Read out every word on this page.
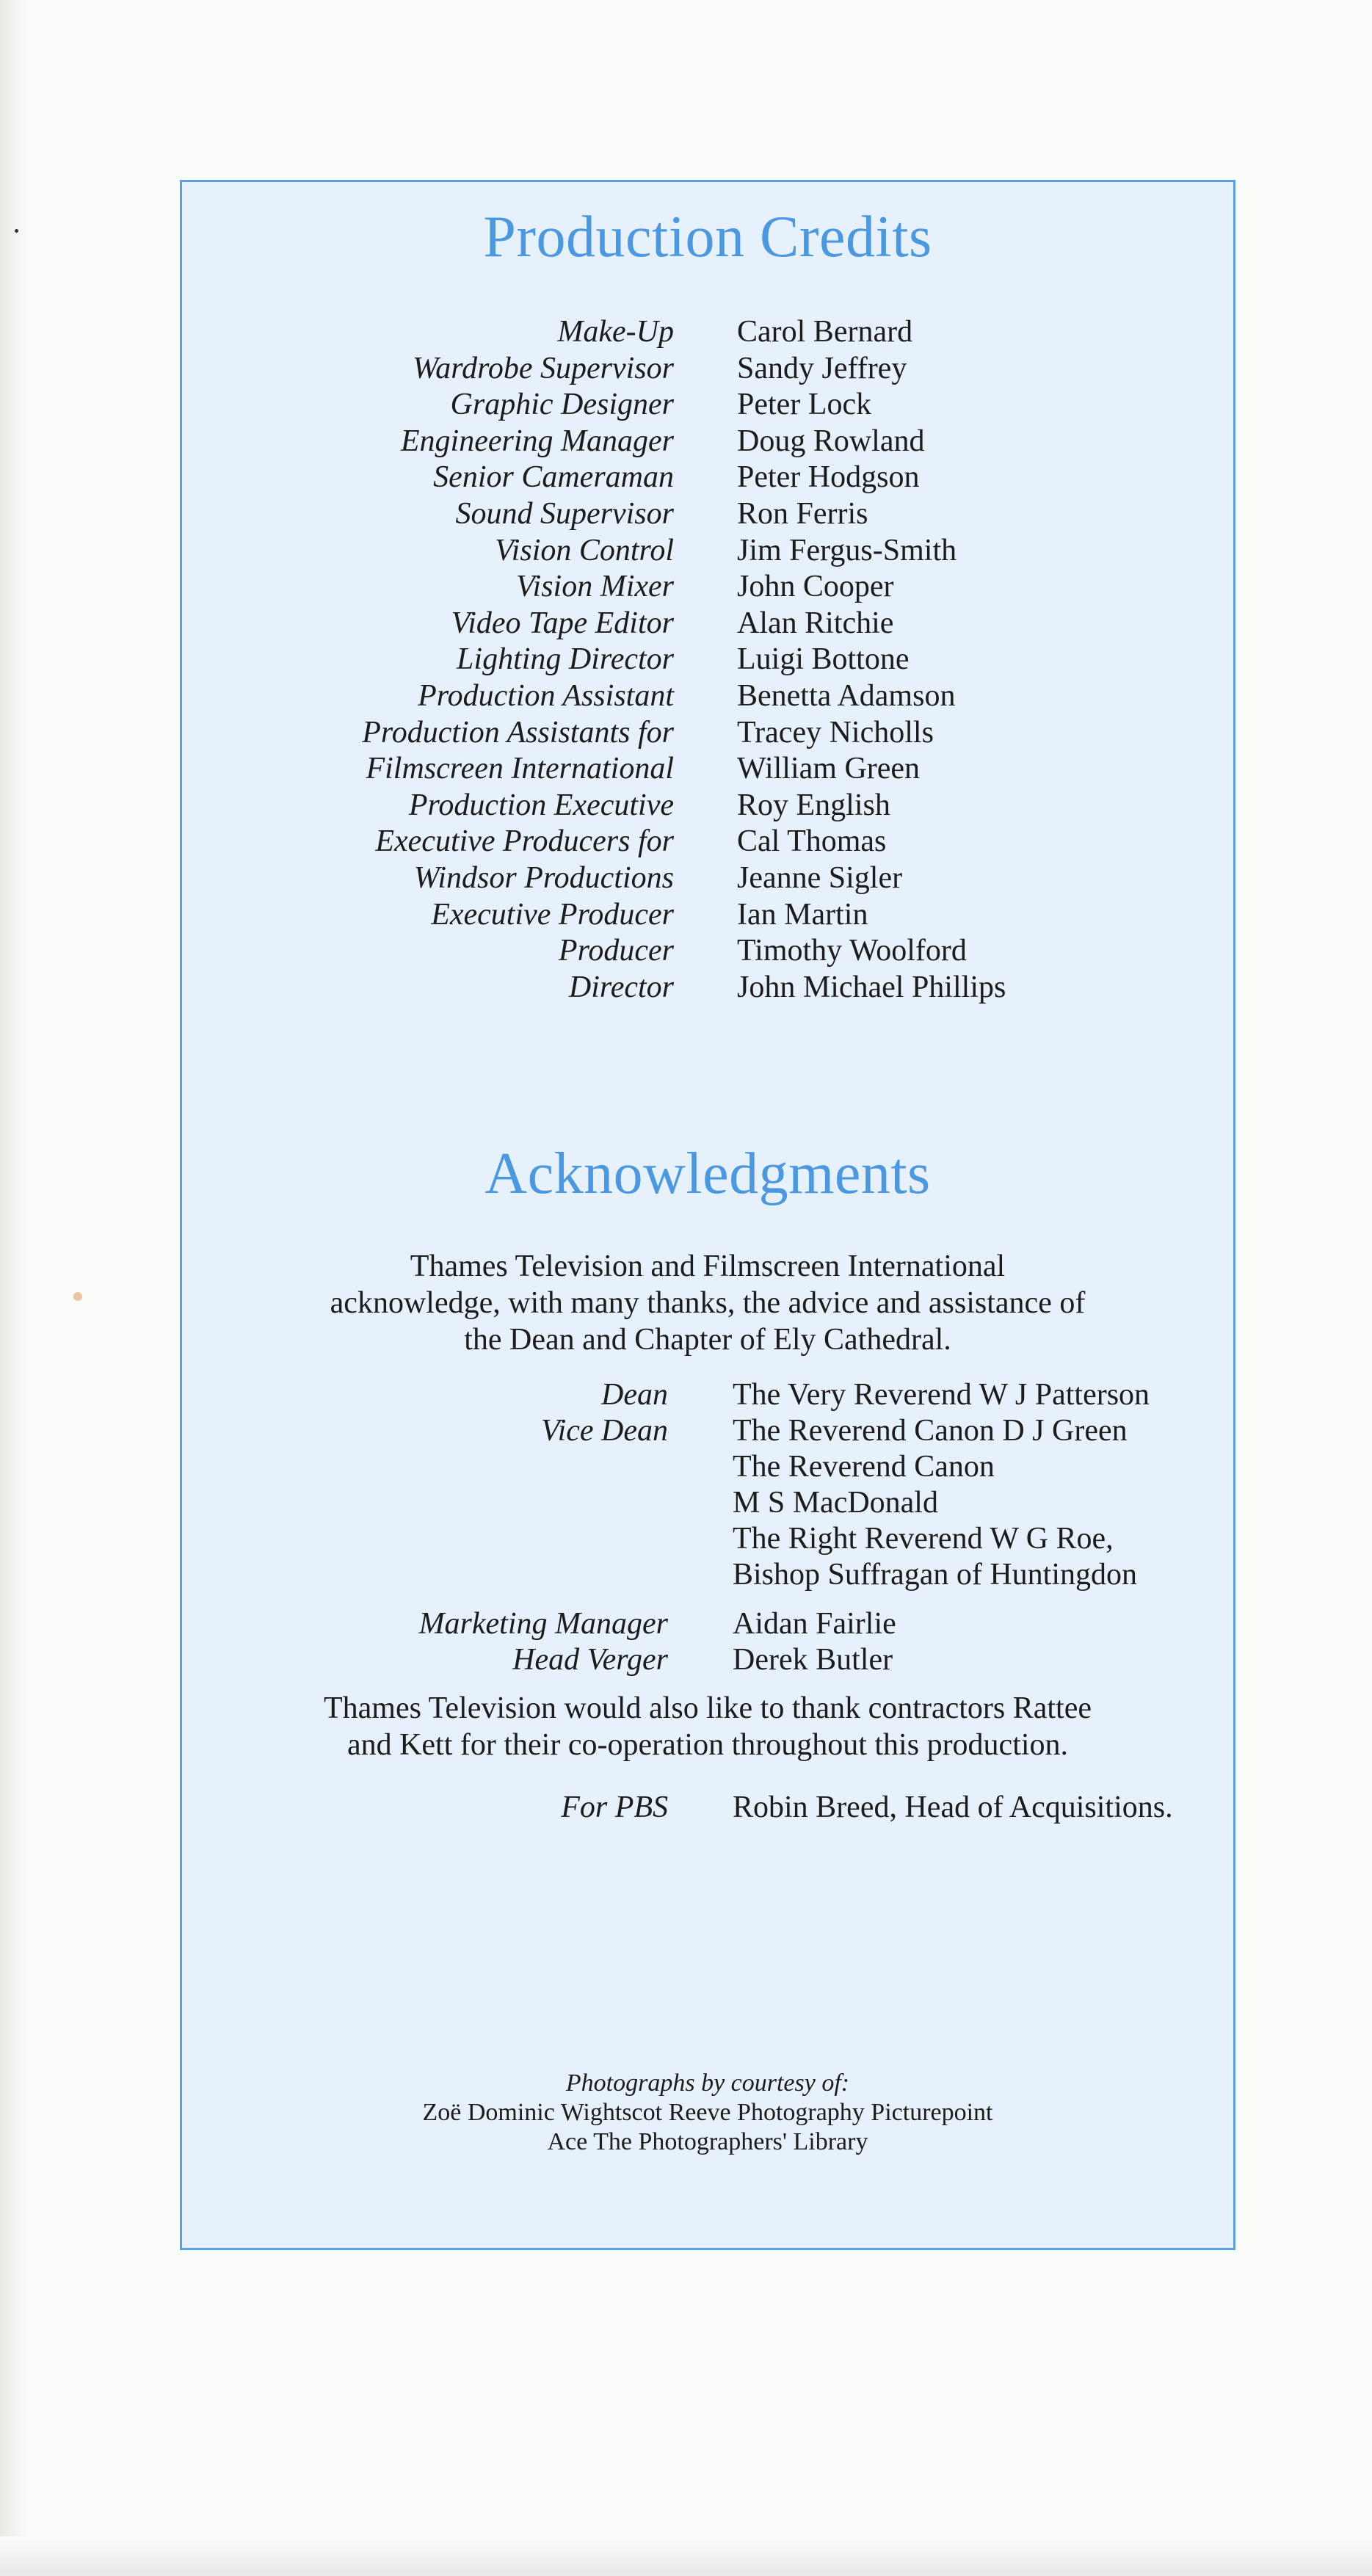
Production Credits
Make-Up Carol Bernard
Wardrobe Supervisor Sandy Jeffrey
Graphic Designer Peter Lock
Engineering Manager Doug Rowland
Senior Cameraman Peter Hodgson
Sound Supervisor Ron Ferris
Vision Control Jim Fergus-Smith
Vision Mixer John Cooper
Video Tape Editor Alan Ritchie
Lighting Director Luigi Bottone
Production Assistant Benetta Adamson
Production Assistants for Tracey Nicholls
Filmscreen International William Green
Production Executive Roy English
Executive Producers for Cal Thomas
Windsor Productions Jeanne Sigler
Executive Producer Ian Martin
Producer Timothy Woolford
Director John Michael Phillips
Acknowledgments
Thames Television and Filmscreen International
acknowledge, with many thanks, the advice and assistance of
the Dean and Chapter of Ely Cathedral.
Dean The Very Reverend W J Patterson
Vice Dean The Reverend Canon D J Green
The Reverend Canon
M S MacDonald
The Right Reverend W G Roe,
Bishop Suffragan of Huntingdon
Marketing Manager Aidan Fairlie
Head Verger Derek Butler
Thames Television would also like to thank contractors Rattee
and Kett for their co-operation throughout this production.
For PBS Robin Breed, Head of Acquisitions.
Photographs by courtesy of:
Zoë Dominic Wightscot Reeve Photography Picturepoint
Ace The Photographers' Library
